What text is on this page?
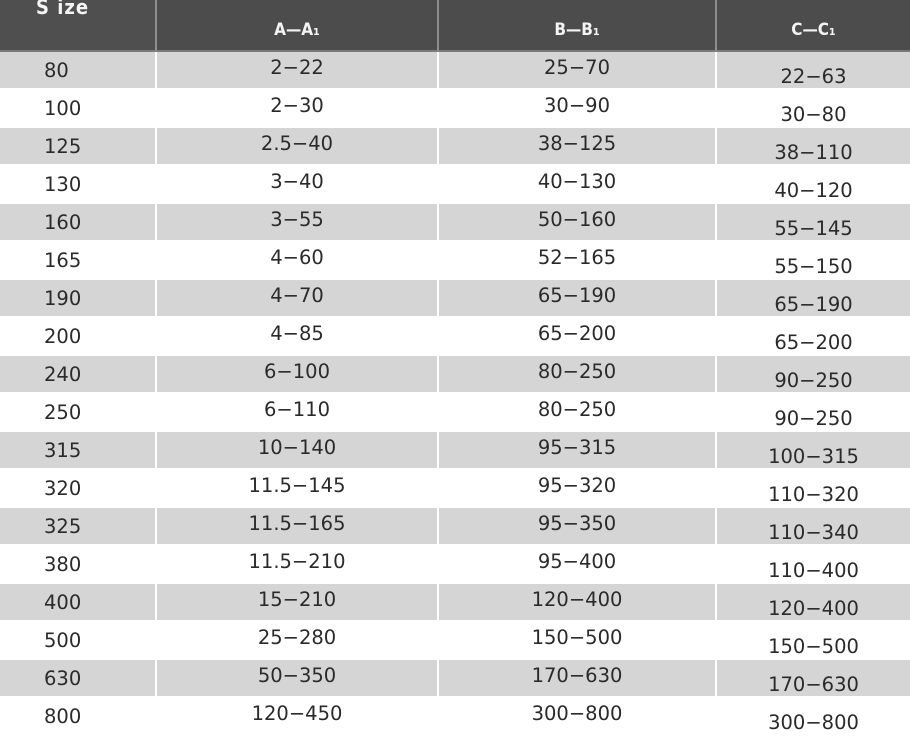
S ize	A—A₁	B—B₁	C—C₁
80	2−22	25−70	22−63
100	2−30	30−90	30−80
125	2.5−40	38−125	38−110
130	3−40	40−130	40−120
160	3−55	50−160	55−145
165	4−60	52−165	55−150
190	4−70	65−190	65−190
200	4−85	65−200	65−200
240	6−100	80−250	90−250
250	6−110	80−250	90−250
315	10−140	95−315	100−315
320	11.5−145	95−320	110−320
325	11.5−165	95−350	110−340
380	11.5−210	95−400	110−400
400	15−210	120−400	120−400
500	25−280	150−500	150−500
630	50−350	170−630	170−630
800	120−450	300−800	300−800
